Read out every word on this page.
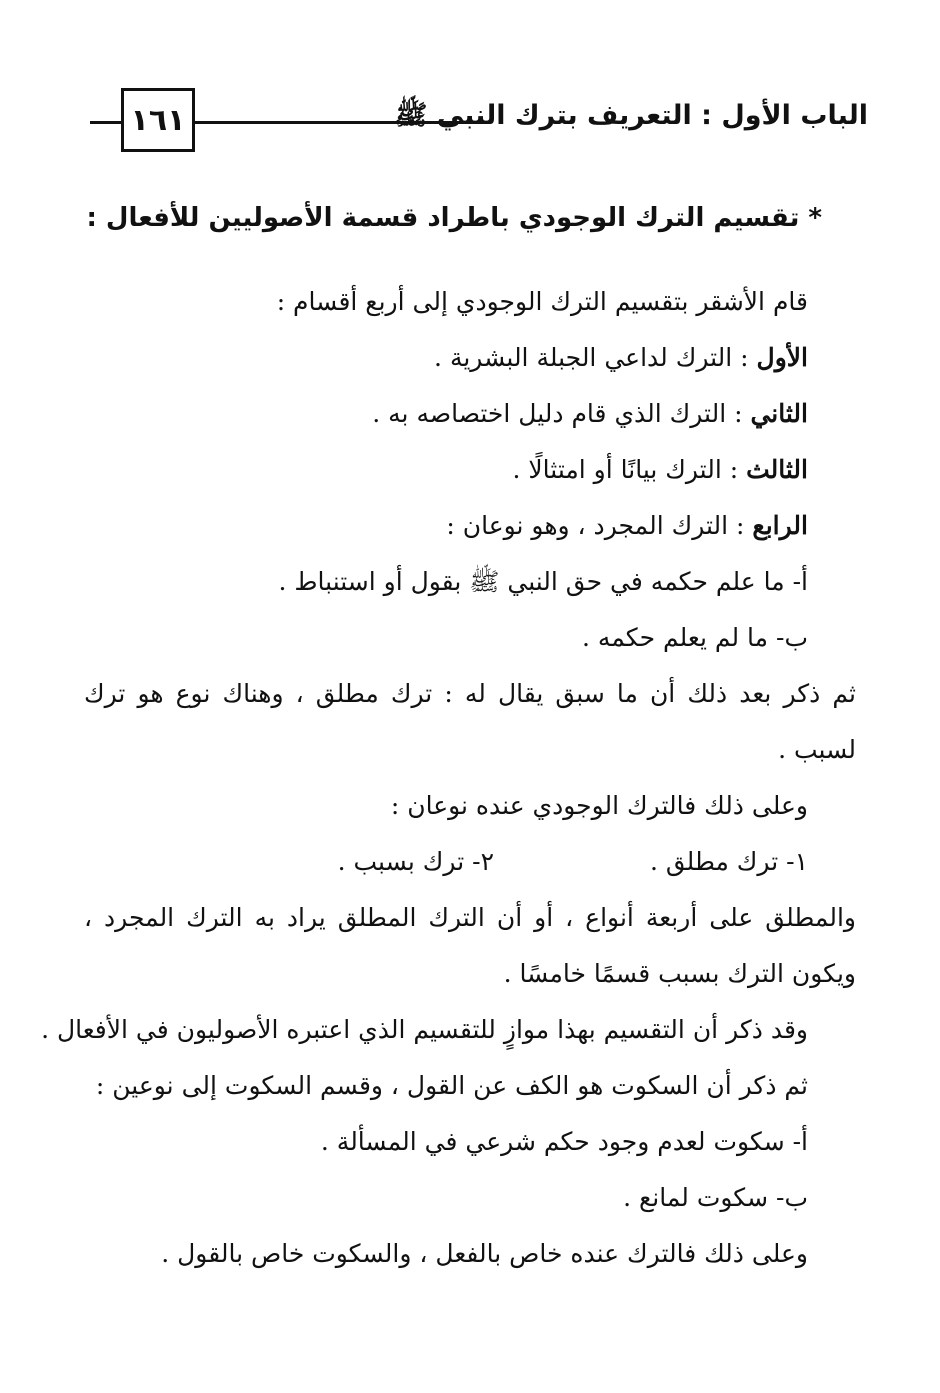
١٦١	الباب الأول : التعريف بترك النبي ﷺ
* تقسيم الترك الوجودي باطراد قسمة الأصوليين للأفعال :
قام الأشقر بتقسيم الترك الوجودي إلى أربع أقسام :
الأول : الترك لداعي الجبلة البشرية .
الثاني : الترك الذي قام دليل اختصاصه به .
الثالث : الترك بيانًا أو امتثالًا .
الرابع : الترك المجرد ، وهو نوعان :
أ- ما علم حكمه في حق النبي ﷺ بقول أو استنباط .
ب- ما لم يعلم حكمه .
ثم ذكر بعد ذلك أن ما سبق يقال له : ترك مطلق ، وهناك نوع هو ترك
لسبب .
وعلى ذلك فالترك الوجودي عنده نوعان :
١- ترك مطلق .
٢- ترك بسبب .
والمطلق على أربعة أنواع ، أو أن الترك المطلق يراد به الترك المجرد ،
ويكون الترك بسبب قسمًا خامسًا .
وقد ذكر أن التقسيم بهذا موازٍ للتقسيم الذي اعتبره الأصوليون في الأفعال .
ثم ذكر أن السكوت هو الكف عن القول ، وقسم السكوت إلى نوعين :
أ- سكوت لعدم وجود حكم شرعي في المسألة .
ب- سكوت لمانع .
وعلى ذلك فالترك عنده خاص بالفعل ، والسكوت خاص بالقول .
